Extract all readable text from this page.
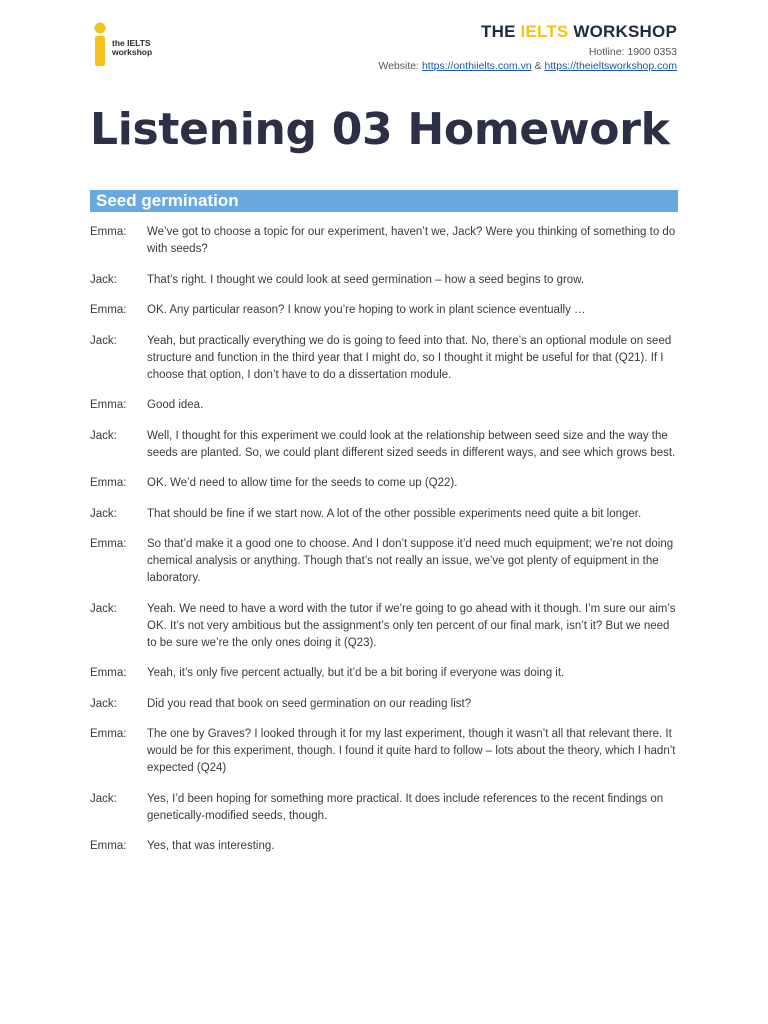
the IELTS
workshop
THE IELTS WORKSHOP
Hotline: 1900 0353
Website: https://onthiielts.com.vn & https://theieltsworkshop.com
Listening 03 Homework
Seed germination
Emma:	We’ve got to choose a topic for our experiment, haven’t we, Jack? Were you thinking of something to do with seeds?
Jack:	That’s right. I thought we could look at seed germination – how a seed begins to grow.
Emma:	OK. Any particular reason? I know you’re hoping to work in plant science eventually …
Jack:	Yeah, but practically everything we do is going to feed into that. No, there’s an optional module on seed structure and function in the third year that I might do, so I thought it might be useful for that (Q21). If I choose that option, I don’t have to do a dissertation module.
Emma:	Good idea.
Jack:	Well, I thought for this experiment we could look at the relationship between seed size and the way the seeds are planted. So, we could plant different sized seeds in different ways, and see which grows best.
Emma:	OK. We’d need to allow time for the seeds to come up (Q22).
Jack:	That should be fine if we start now. A lot of the other possible experiments need quite a bit longer.
Emma:	So that’d make it a good one to choose. And I don’t suppose it’d need much equipment; we’re not doing chemical analysis or anything. Though that’s not really an issue, we’ve got plenty of equipment in the laboratory.
Jack:	Yeah. We need to have a word with the tutor if we’re going to go ahead with it though. I’m sure our aim’s OK. It’s not very ambitious but the assignment’s only ten percent of our final mark, isn’t it? But we need to be sure we’re the only ones doing it (Q23).
Emma:	Yeah, it’s only five percent actually, but it’d be a bit boring if everyone was doing it.
Jack:	Did you read that book on seed germination on our reading list?
Emma:	The one by Graves? I looked through it for my last experiment, though it wasn’t all that relevant there. It would be for this experiment, though. I found it quite hard to follow – lots about the theory, which I hadn’t expected (Q24)
Jack:	Yes, I’d been hoping for something more practical. It does include references to the recent findings on genetically-modified seeds, though.
Emma:	Yes, that was interesting.
